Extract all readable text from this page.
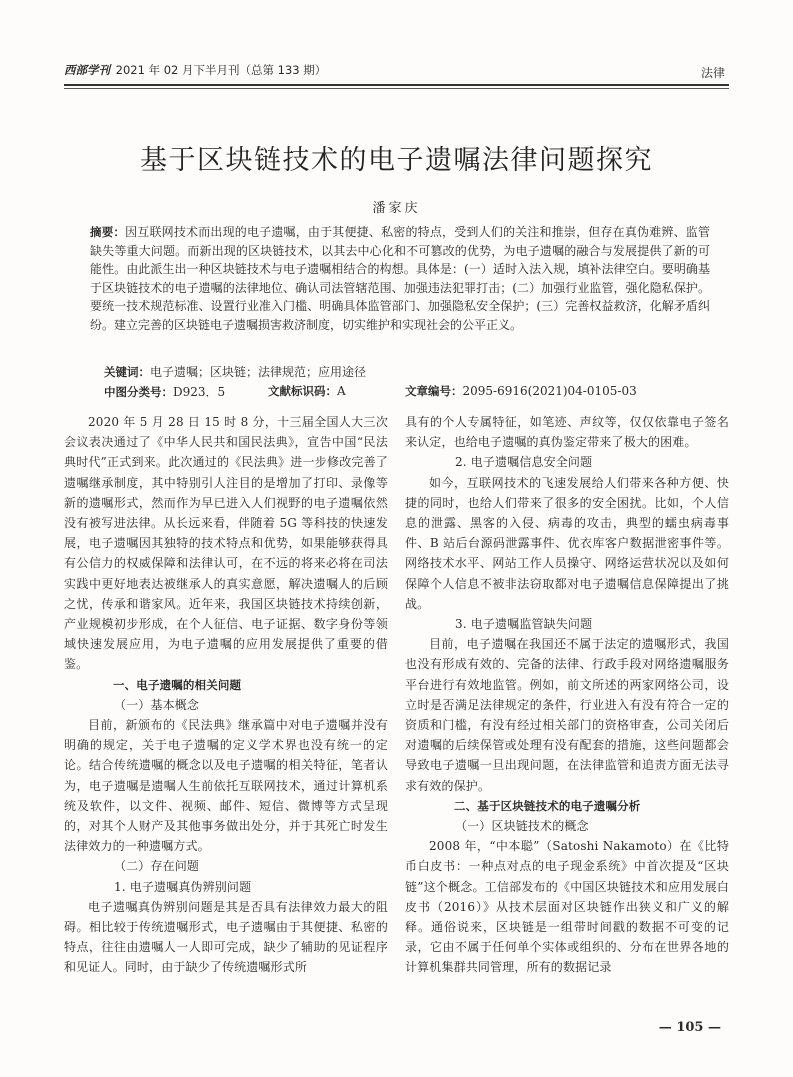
西部学刊 2021 年 02 月下半月刊（总第 133 期）	法律
基于区块链技术的电子遗嘱法律问题探究
潘家庆
摘要：因互联网技术而出现的电子遗嘱，由于其便捷、私密的特点，受到人们的关注和推崇，但存在真伪难辨、监管缺失等重大问题。而新出现的区块链技术，以其去中心化和不可篡改的优势，为电子遗嘱的融合与发展提供了新的可能性。由此派生出一种区块链技术与电子遗嘱相结合的构想。具体是：(一）适时入法入规，填补法律空白。要明确基于区块链技术的电子遗嘱的法律地位、确认司法管辖范围、加强违法犯罪打击；(二）加强行业监管，强化隐私保护。要统一技术规范标准、设置行业准入门槛、明确具体监管部门、加强隐私安全保护；(三）完善权益救济，化解矛盾纠纷。建立完善的区块链电子遗嘱损害救济制度，切实维护和实现社会的公平正义。
关键词：电子遗嘱；区块链；法律规范；应用途径
中图分类号：D923．5	文献标识码：A	文章编号：2095-6916(2021)04-0105-03

2020 年 5 月 28 日 15 时 8 分，十三届全国人大三次会议表决通过了《中华人民共和国民法典》，宣告中国“民法典时代”正式到来。此次通过的《民法典》进一步修改完善了遗嘱继承制度，其中特别引人注目的是增加了打印、录像等新的遗嘱形式，然而作为早已进入人们视野的电子遗嘱依然没有被写进法律。从长远来看，伴随着 5G 等科技的快速发展，电子遗嘱因其独特的技术特点和优势，如果能够获得具有公信力的权威保障和法律认可，在不远的将来必将在司法实践中更好地表达被继承人的真实意愿，解决遗嘱人的后顾之忧，传承和谐家风。近年来，我国区块链技术持续创新，产业规模初步形成，在个人征信、电子证据、数字身份等领域快速发展应用，为电子遗嘱的应用发展提供了重要的借鉴。

一、电子遗嘱的相关问题

（一）基本概念

目前，新颁布的《民法典》继承篇中对电子遗嘱并没有明确的规定，关于电子遗嘱的定义学术界也没有统一的定论。结合传统遗嘱的概念以及电子遗嘱的相关特征，笔者认为，电子遗嘱是遗嘱人生前依托互联网技术，通过计算机系统及软件，以文件、视频、邮件、短信、微博等方式呈现的，对其个人财产及其他事务做出处分，并于其死亡时发生法律效力的一种遗嘱方式。

（二）存在问题

1. 电子遗嘱真伪辨别问题

电子遗嘱真伪辨别问题是其是否具有法律效力最大的阻碍。相比较于传统遗嘱形式，电子遗嘱由于其便捷、私密的特点，往往由遗嘱人一人即可完成，缺少了辅助的见证程序和见证人。同时，由于缺少了传统遗嘱形式所

具有的个人专属特征，如笔迹、声纹等，仅仅依靠电子签名来认定，也给电子遗嘱的真伪鉴定带来了极大的困难。

2. 电子遗嘱信息安全问题

如今，互联网技术的飞速发展给人们带来各种方便、快捷的同时，也给人们带来了很多的安全困扰。比如，个人信息的泄露、黑客的入侵、病毒的攻击，典型的蠕虫病毒事件、B 站后台源码泄露事件、优衣库客户数据泄密事件等。网络技术水平、网站工作人员操守、网络运营状况以及如何保障个人信息不被非法窃取都对电子遗嘱信息保障提出了挑战。

3. 电子遗嘱监管缺失问题

目前，电子遗嘱在我国还不属于法定的遗嘱形式，我国也没有形成有效的、完备的法律、行政手段对网络遗嘱服务平台进行有效地监管。例如，前文所述的两家网络公司，设立时是否满足法律规定的条件，行业进入有没有符合一定的资质和门槛，有没有经过相关部门的资格审查，公司关闭后对遗嘱的后续保管或处理有没有配套的措施，这些问题都会导致电子遗嘱一旦出现问题，在法律监管和追责方面无法寻求有效的保护。

二、基于区块链技术的电子遗嘱分析

（一）区块链技术的概念

2008 年，“中本聪”（Satoshi Nakamoto）在《比特币白皮书：一种点对点的电子现金系统》中首次提及“区块链”这个概念。工信部发布的《中国区块链技术和应用发展白皮书（2016）》从技术层面对区块链作出狭义和广义的解释。通俗说来，区块链是一组带时间戳的数据不可变的记录，它由不属于任何单个实体或组织的、分布在世界各地的计算机集群共同管理，所有的数据记录

— 105 —
